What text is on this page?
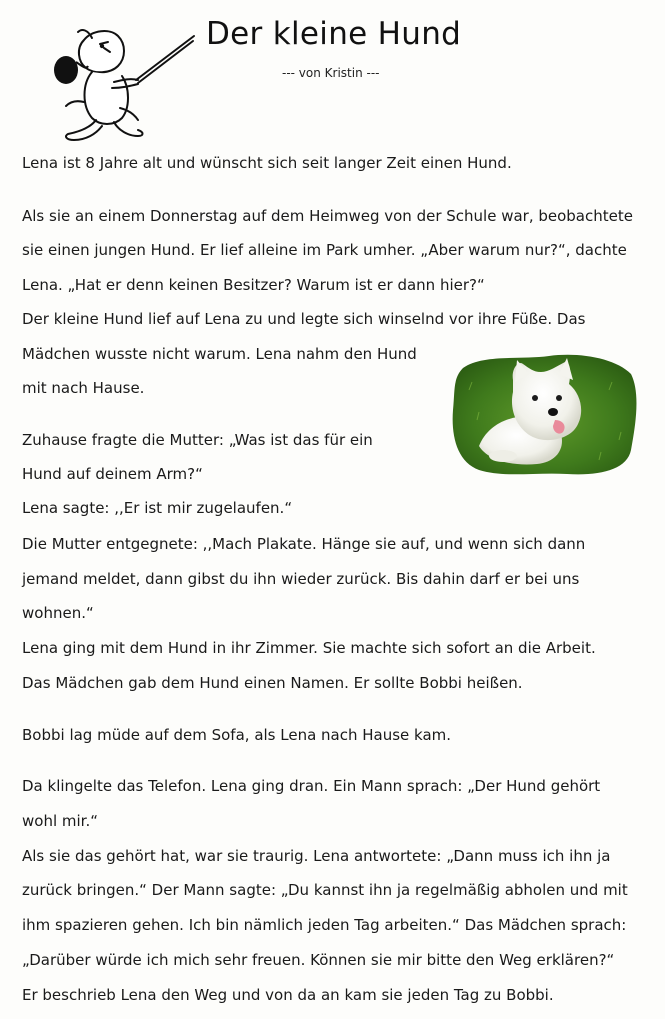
Der kleine Hund
--- von Kristin ---
Lena ist 8 Jahre alt und wünscht sich seit langer Zeit einen Hund.
Als sie an einem Donnerstag auf dem Heimweg von der Schule war, beobachtete
sie einen jungen Hund. Er lief alleine im Park umher. „Aber warum nur?“, dachte
Lena. „Hat er denn keinen Besitzer? Warum ist er dann hier?“
Der kleine Hund lief auf Lena zu und legte sich winselnd vor ihre Füße. Das
Mädchen wusste nicht warum. Lena nahm den Hund
mit nach Hause.
Zuhause fragte die Mutter: „Was ist das für ein
Hund auf deinem Arm?“
Lena sagte: ,,Er ist mir zugelaufen.“
Die Mutter entgegnete: ,,Mach Plakate. Hänge sie auf, und wenn sich dann
jemand meldet, dann gibst du ihn wieder zurück. Bis dahin darf er bei uns
wohnen.“
Lena ging mit dem Hund in ihr Zimmer. Sie machte sich sofort an die Arbeit.
Das Mädchen gab dem Hund einen Namen. Er sollte Bobbi heißen.
Bobbi lag müde auf dem Sofa, als Lena nach Hause kam.
Da klingelte das Telefon. Lena ging dran. Ein Mann sprach: „Der Hund gehört
wohl mir.“
Als sie das gehört hat, war sie traurig. Lena antwortete: „Dann muss ich ihn ja
zurück bringen.“ Der Mann sagte: „Du kannst ihn ja regelmäßig abholen und mit
ihm spazieren gehen. Ich bin nämlich jeden Tag arbeiten.“ Das Mädchen sprach:
„Darüber würde ich mich sehr freuen. Können sie mir bitte den Weg erklären?“
Er beschrieb Lena den Weg und von da an kam sie jeden Tag zu Bobbi.
